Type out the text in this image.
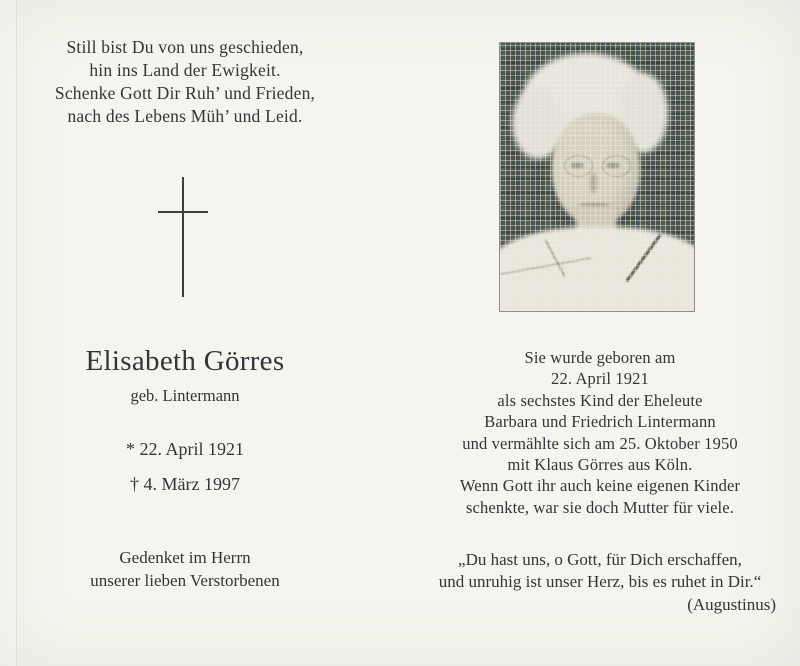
Still bist Du von uns geschieden,
hin ins Land der Ewigkeit.
Schenke Gott Dir Ruh’ und Frieden,
nach des Lebens Müh’ und Leid.
Elisabeth Görres
geb. Lintermann
* 22. April 1921
† 4. März 1997
Gedenket im Herrn
unserer lieben Verstorbenen
Sie wurde geboren am
22. April 1921
als sechstes Kind der Eheleute
Barbara und Friedrich Lintermann
und vermählte sich am 25. Oktober 1950
mit Klaus Görres aus Köln.
Wenn Gott ihr auch keine eigenen Kinder
schenkte, war sie doch Mutter für viele.
„Du hast uns, o Gott, für Dich erschaffen,
und unruhig ist unser Herz, bis es ruhet in Dir.“
(Augustinus)
